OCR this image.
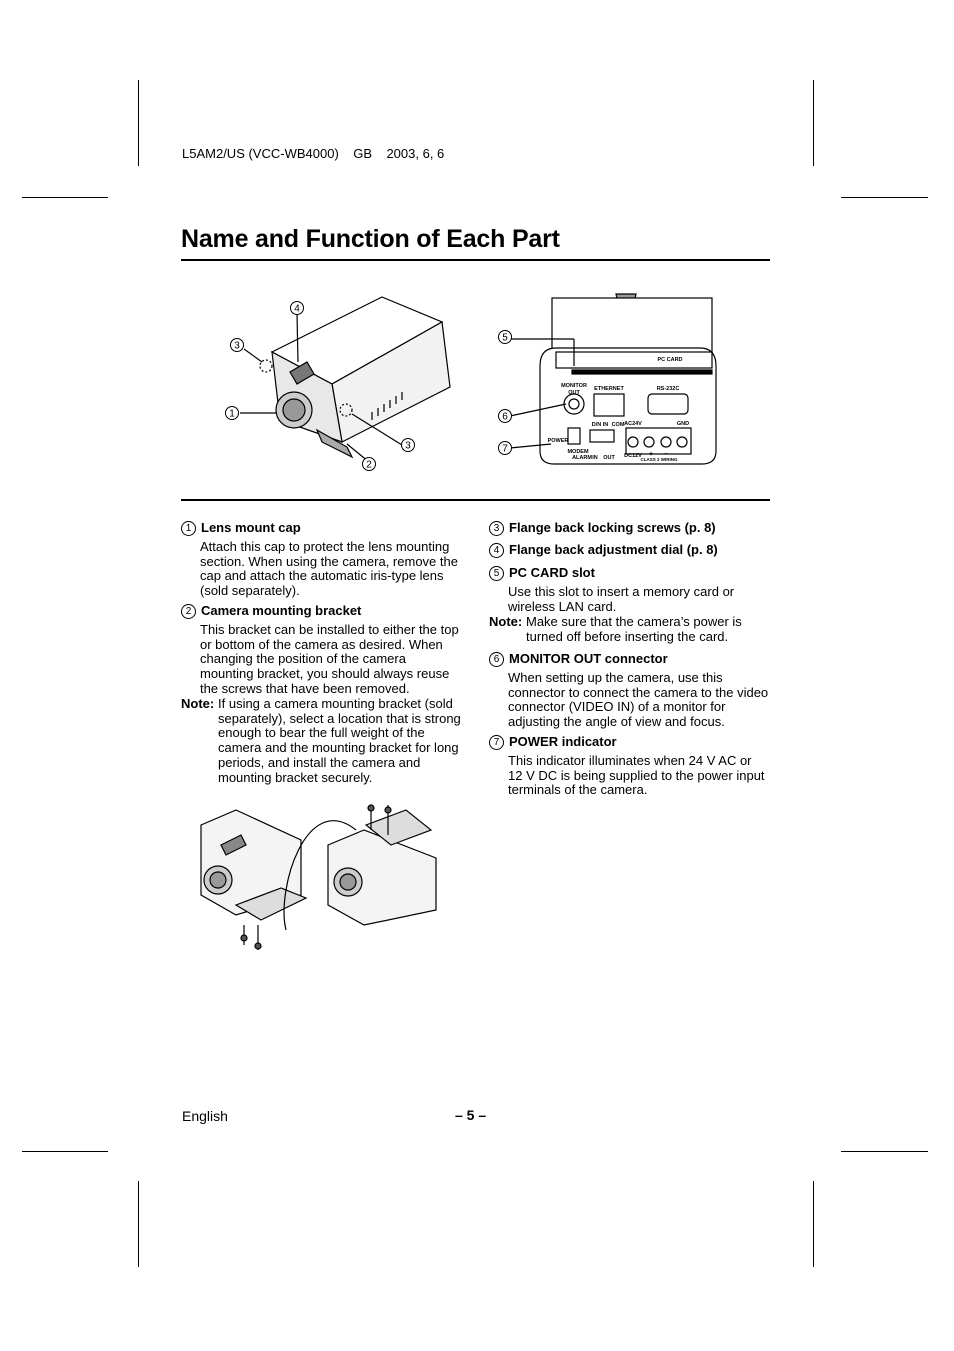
L5AM2/US (VCC-WB4000)    GB    2003, 6, 6
Name and Function of Each Part
3
1
4
3
2
PC CARD
MONITOR
OUT
ETHERNET	RS-232C
D/N IN COM AC24V	GND
POWER
MODEM
ALARM IN OUT DC12V
CLASS 2 WIRING
+ −
5
6
7
1 Lens mount cap
Attach this cap to protect the lens mounting
section. When using the camera, remove the
cap and attach the automatic iris-type lens
(sold separately).
2 Camera mounting bracket
This bracket can be installed to either the top
or bottom of the camera as desired. When
changing the position of the camera
mounting bracket, you should always reuse
the screws that have been removed.
Note: If using a camera mounting bracket (sold
separately), select a location that is strong
enough to bear the full weight of the
camera and the mounting bracket for long
periods, and install the camera and
mounting bracket securely.
3 Flange back locking screws (p. 8)
4 Flange back adjustment dial (p. 8)
5 PC CARD slot
Use this slot to insert a memory card or
wireless LAN card.
Note: Make sure that the camera’s power is
turned off before inserting the card.
6 MONITOR OUT connector
When setting up the camera, use this
connector to connect the camera to the video
connector (VIDEO IN) of a monitor for
adjusting the angle of view and focus.
7 POWER indicator
This indicator illuminates when 24 V AC or
12 V DC is being supplied to the power input
terminals of the camera.
English	– 5 –
